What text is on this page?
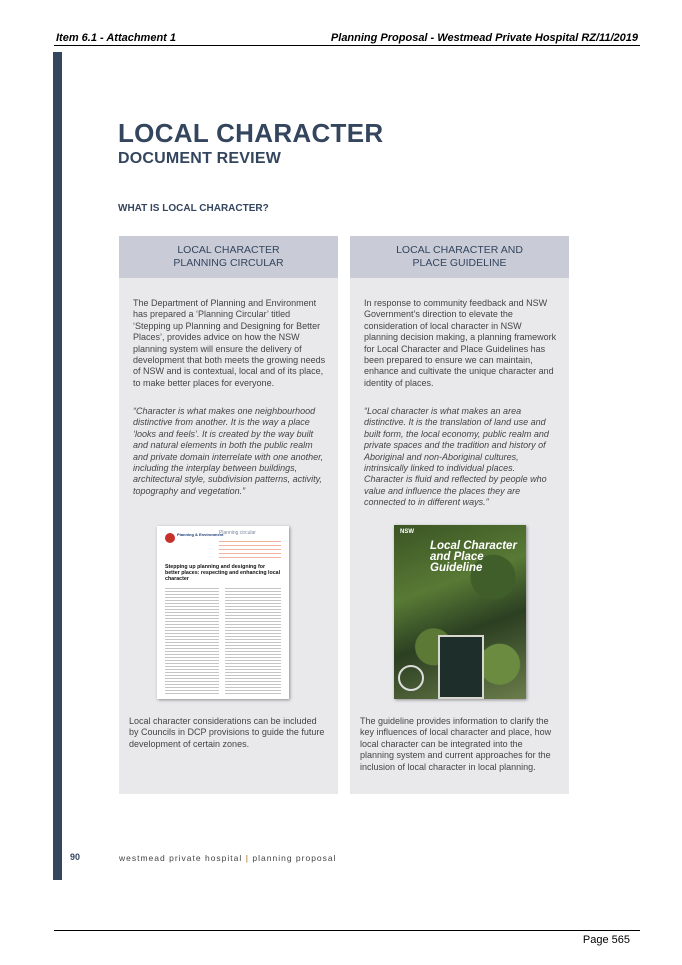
Item 6.1 - Attachment 1	Planning Proposal - Westmead Private Hospital RZ/11/2019
LOCAL CHARACTER
DOCUMENT REVIEW
WHAT IS LOCAL CHARACTER?
LOCAL CHARACTER
PLANNING CIRCULAR
The Department of Planning and Environment has prepared a ‘Planning Circular’ titled ‘Stepping up Planning and Designing for Better Places’, provides advice on how the NSW planning system will ensure the delivery of development that both meets the growing needs of NSW and is contextual, local and of its place, to make better places for everyone.
“Character is what makes one neighbourhood distinctive from another. It is the way a place ‘looks and feels’. It is created by the way built and natural elements in both the public realm and private domain interrelate with one another, including the interplay between buildings, architectural style, subdivision patterns, activity, topography and vegetation.”
Planning & Environment
Planning circular
Stepping up planning and designing for better places: respecting and enhancing local character
Local character considerations can be included by Councils in DCP provisions to guide the future development of certain zones.
LOCAL CHARACTER AND
PLACE GUIDELINE
In response to community feedback and NSW Government’s direction to elevate the consideration of local character in NSW planning decision making, a planning framework for Local Character and Place Guidelines has been prepared to ensure we can maintain, enhance and cultivate the unique character and identity of places.
“Local character is what makes an area distinctive. It is the translation of land use and built form, the local economy, public realm and private spaces and the tradition and history of Aboriginal and non-Aboriginal cultures, intrinsically linked to individual places. Character is fluid and reflected by people who value and influence the places they are connected to in different ways.”
NSW
Local Character and Place Guideline
The guideline provides information to clarify the key influences of local character and place, how local character can be integrated into the planning system and current approaches for the inclusion of local character in local planning.
90	westmead private hospital | planning proposal
Page 565
